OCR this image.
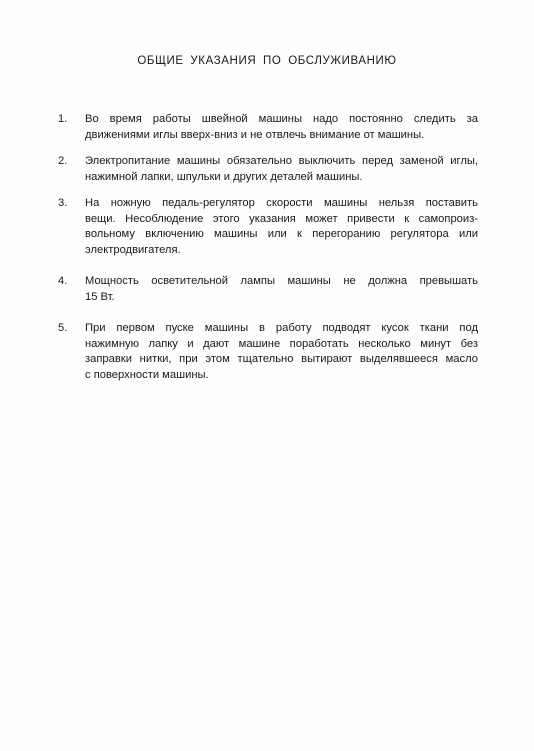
ОБЩИЕ УКАЗАНИЯ ПО ОБСЛУЖИВАНИЮ
1.	Во время работы швейной машины надо постоянно следить за
движениями иглы вверх-вниз и не отвлечь внимание от машины.
2.	Электропитание машины обязательно выключить перед заменой иглы,
нажимной лапки, шпульки и других деталей машины.
3.	На ножную педаль-регулятор скорости машины нельзя поставить
вещи. Несоблюдение этого указания может привести к самопроиз-
вольному включению машины или к перегоранию регулятора или
электродвигателя.
4.	Мощность осветительной лампы машины не должна превышать
15 Вт.
5.	При первом пуске машины в работу подводят кусок ткани под
нажимную лапку и дают машине поработать несколько минут без
заправки нитки, при этом тщательно вытирают выделявшееся масло
с поверхности машины.
